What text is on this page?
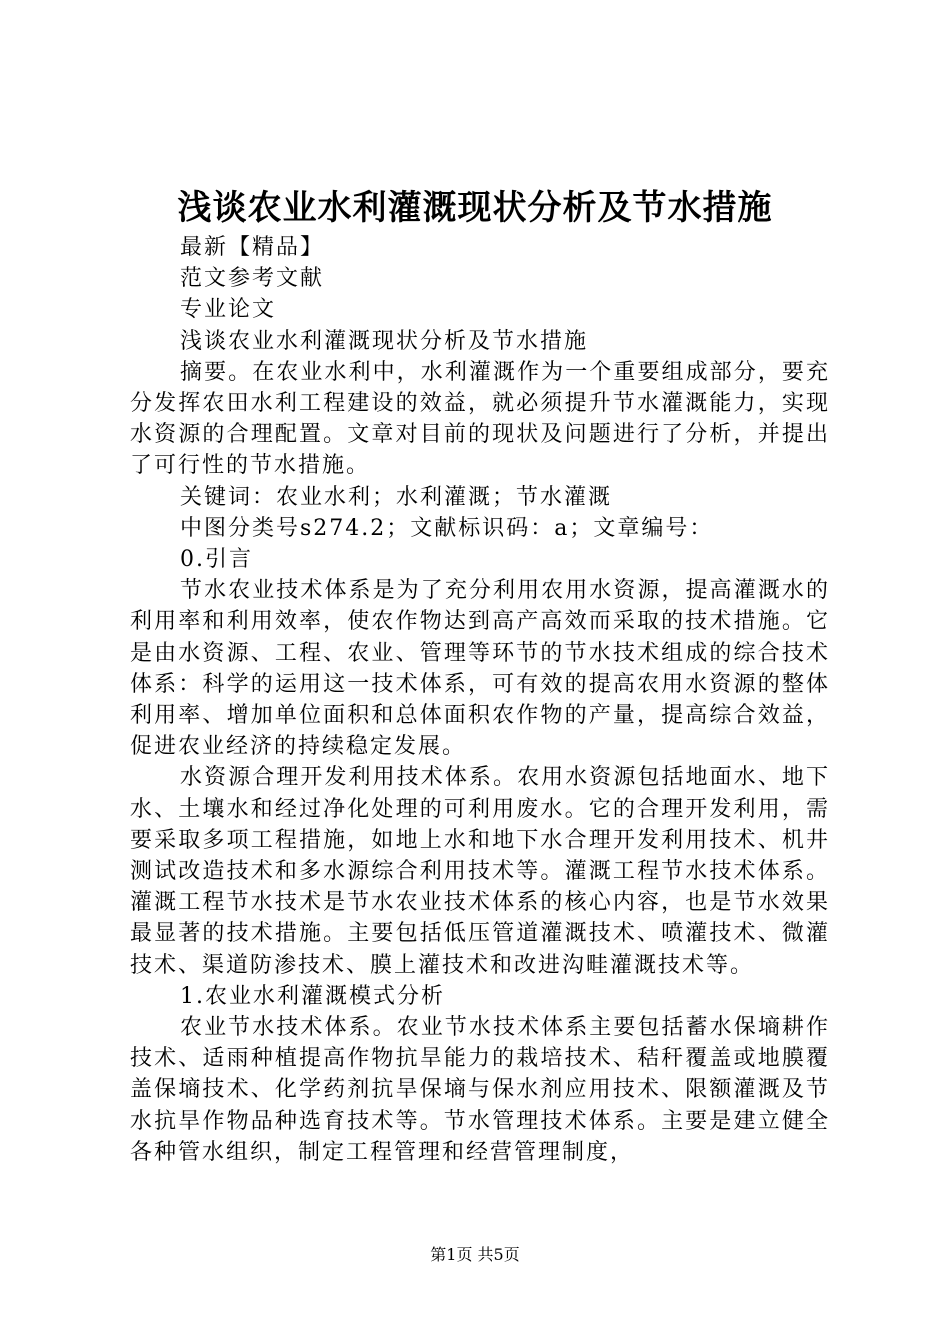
浅谈农业水利灌溉现状分析及节水措施

最新【精品】

范文参考文献

专业论文

浅谈农业水利灌溉现状分析及节水措施

摘要。在农业水利中，水利灌溉作为一个重要组成部分，要充分发挥农田水利工程建设的效益，就必须提升节水灌溉能力，实现水资源的合理配置。文章对目前的现状及问题进行了分析，并提出了可行性的节水措施。

关键词：农业水利；水利灌溉；节水灌溉

中图分类号s274.2；文献标识码：a；文章编号：

0.引言

节水农业技术体系是为了充分利用农用水资源，提高灌溉水的利用率和利用效率，使农作物达到高产高效而采取的技术措施。它是由水资源、工程、农业、管理等环节的节水技术组成的综合技术体系：科学的运用这一技术体系，可有效的提高农用水资源的整体利用率、增加单位面积和总体面积农作物的产量，提高综合效益，促进农业经济的持续稳定发展。

水资源合理开发利用技术体系。农用水资源包括地面水、地下水、土壤水和经过净化处理的可利用废水。它的合理开发利用，需要采取多项工程措施，如地上水和地下水合理开发利用技术、机井测试改造技术和多水源综合利用技术等。灌溉工程节水技术体系。灌溉工程节水技术是节水农业技术体系的核心内容，也是节水效果最显著的技术措施。主要包括低压管道灌溉技术、喷灌技术、微灌技术、渠道防渗技术、膜上灌技术和改进沟畦灌溉技术等。

1.农业水利灌溉模式分析

农业节水技术体系。农业节水技术体系主要包括蓄水保墒耕作技术、适雨种植提高作物抗旱能力的栽培技术、秸秆覆盖或地膜覆盖保墒技术、化学药剂抗旱保墒与保水剂应用技术、限额灌溉及节水抗旱作物品种选育技术等。节水管理技术体系。主要是建立健全各种管水组织，制定工程管理和经营管理制度，

第1页 共5页
